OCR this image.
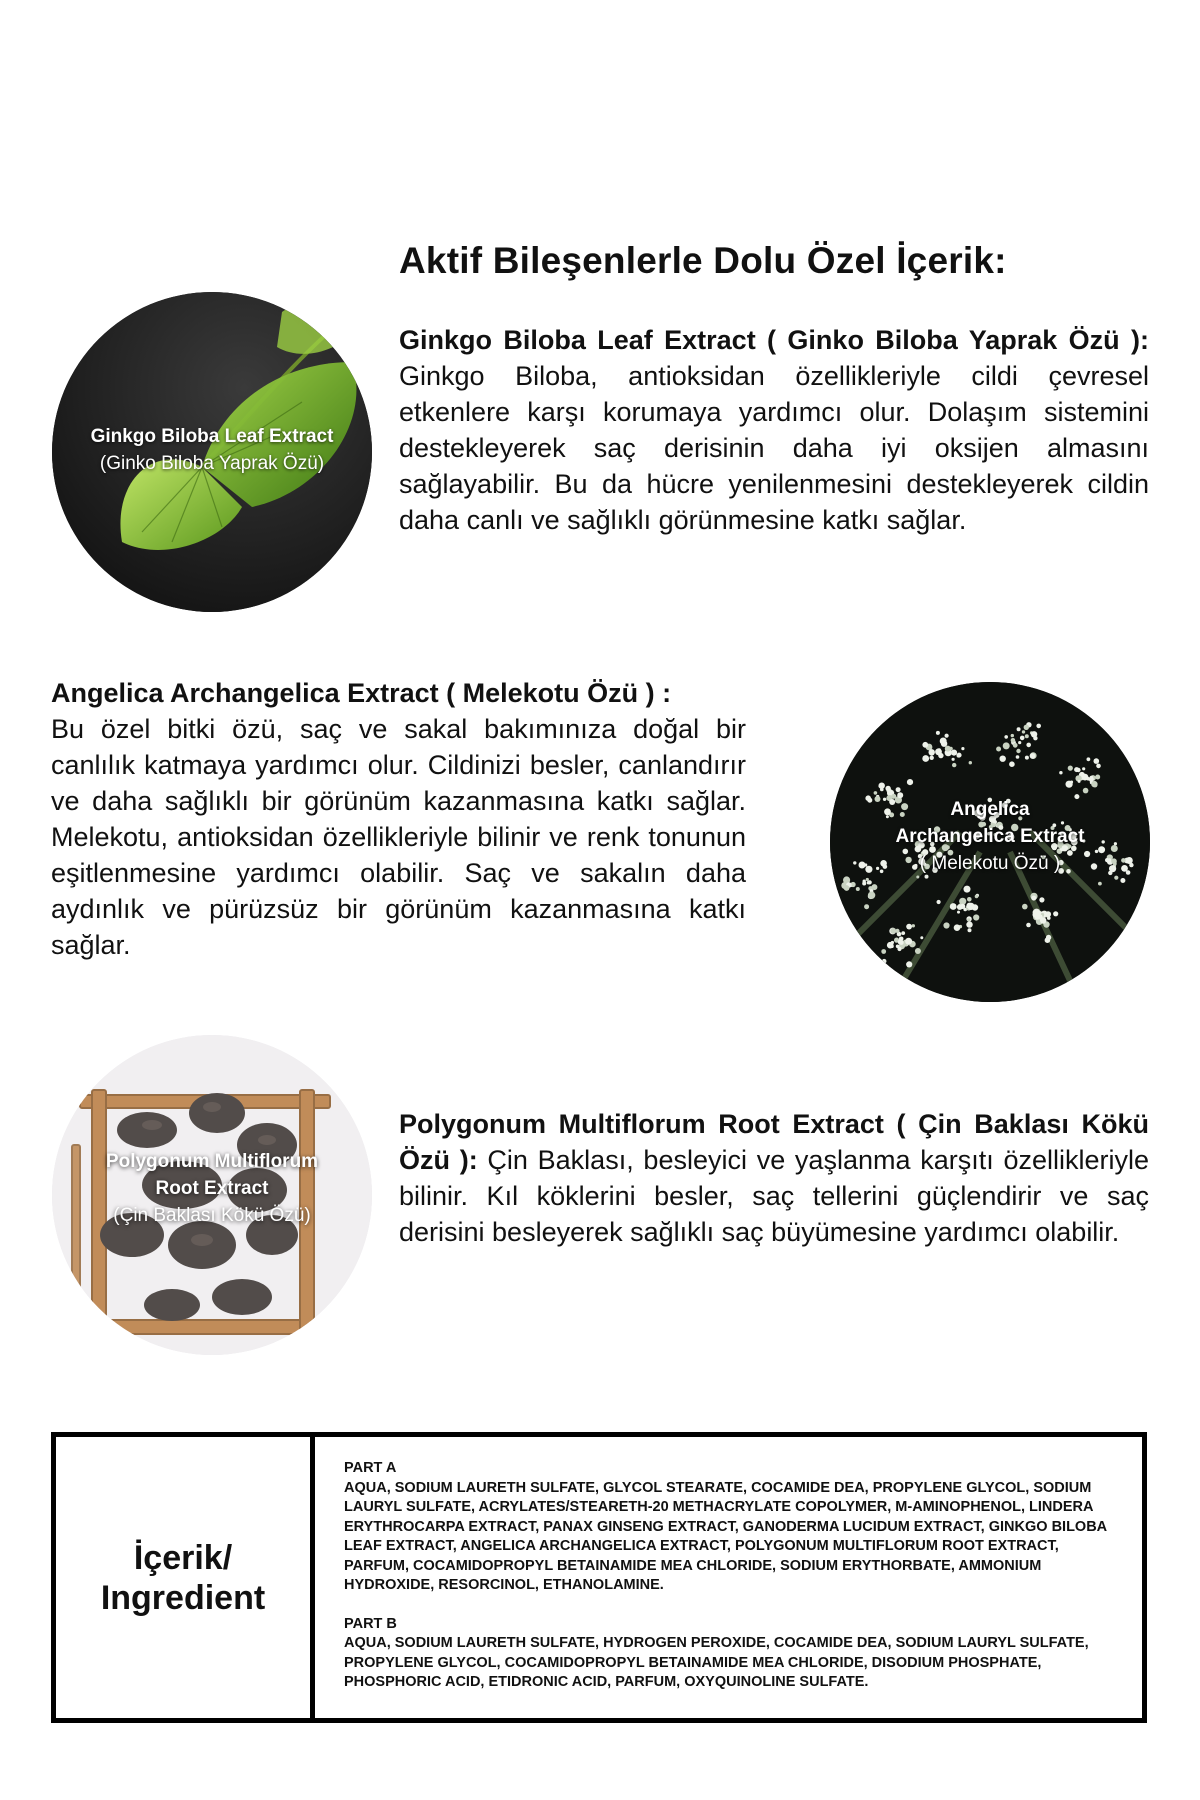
Aktif Bileşenlerle Dolu Özel İçerik:
Ginkgo Biloba Leaf Extract
(Ginko Biloba Yaprak Özü)

Ginkgo Biloba Leaf Extract ( Ginko Biloba Yaprak Özü ): Ginkgo Biloba, antioksidan özellikleriyle cildi çevresel etkenlere karşı korumaya yardımcı olur. Dolaşım sistemini destekleyerek saç derisinin daha iyi oksijen almasını sağlayabilir. Bu da hücre yenilenmesini destekleyerek cildin daha canlı ve sağlıklı görünmesine katkı sağlar.

Angelica Archangelica Extract ( Melekotu Özü ) :
Bu özel bitki özü, saç ve sakal bakımınıza doğal bir canlılık katmaya yardımcı olur. Cildinizi besler, canlandırır ve daha sağlıklı bir görünüm kazanmasına katkı sağlar. Melekotu, antioksidan özellikleriyle bilinir ve renk tonunun eşitlenmesine yardımcı olabilir. Saç ve sakalın daha aydınlık ve pürüzsüz bir görünüm kazanmasına katkı sağlar.

Angelica
Archangelica Extract
( Melekotu Özü )
Polygonum Multiflorum
Root Extract
(Çin Baklası Kökü Özü)

Polygonum Multiflorum Root Extract ( Çin Baklası Kökü Özü ): Çin Baklası, besleyici ve yaşlanma karşıtı özellikleriyle bilinir. Kıl köklerini besler, saç tellerini güçlendirir ve saç derisini besleyerek sağlıklı saç büyümesine yardımcı olabilir.

İçerik/
Ingredient
PART A
AQUA, SODIUM LAURETH SULFATE, GLYCOL STEARATE, COCAMIDE DEA, PROPYLENE GLYCOL, SODIUM LAURYL SULFATE, ACRYLATES/STEARETH-20 METHACRYLATE COPOLYMER, M-AMINOPHENOL, LINDERA ERYTHROCARPA EXTRACT, PANAX GINSENG EXTRACT, GANODERMA LUCIDUM EXTRACT, GINKGO BILOBA LEAF EXTRACT, ANGELICA ARCHANGELICA EXTRACT, POLYGONUM MULTIFLORUM ROOT EXTRACT, PARFUM, COCAMIDOPROPYL BETAINAMIDE MEA CHLORIDE, SODIUM ERYTHORBATE, AMMONIUM HYDROXIDE, RESORCINOL, ETHANOLAMINE.
PART B
AQUA, SODIUM LAURETH SULFATE, HYDROGEN PEROXIDE, COCAMIDE DEA, SODIUM LAURYL SULFATE, PROPYLENE GLYCOL, COCAMIDOPROPYL BETAINAMIDE MEA CHLORIDE, DISODIUM PHOSPHATE, PHOSPHORIC ACID, ETIDRONIC ACID, PARFUM, OXYQUINOLINE SULFATE.
